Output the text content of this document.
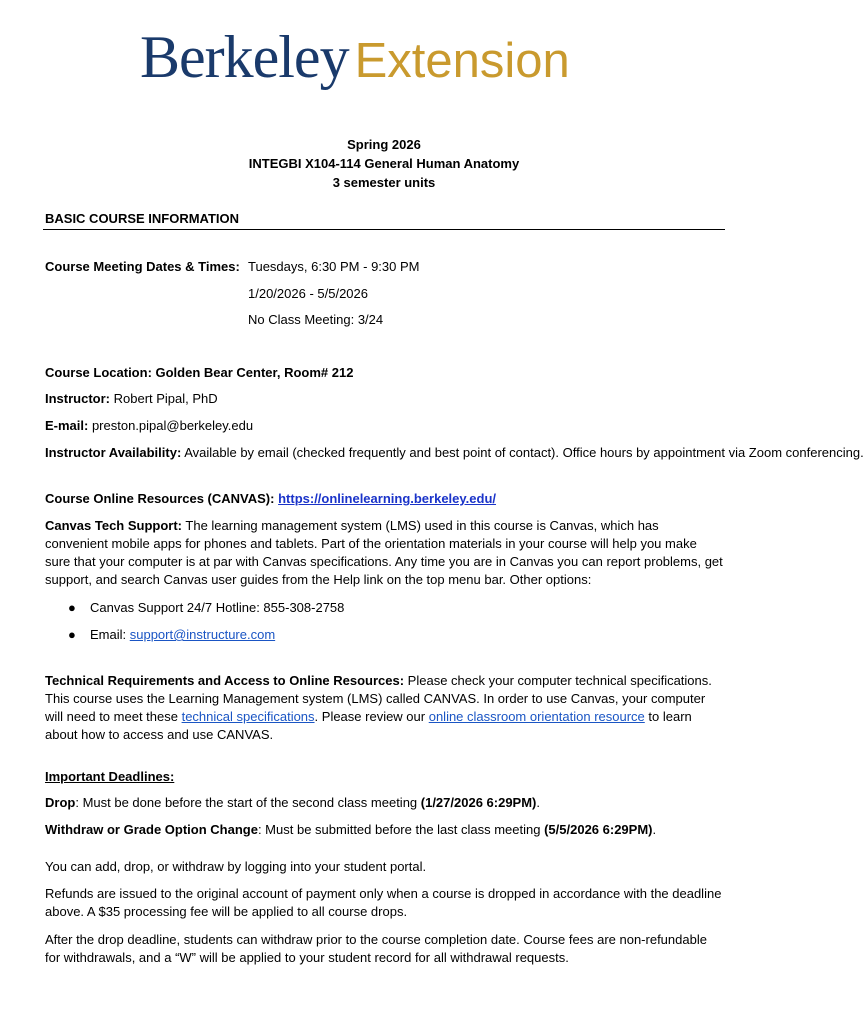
Berkeley Extension
Spring 2026
INTEGBI X104-114 General Human Anatomy
3 semester units
BASIC COURSE INFORMATION
Course Meeting Dates & Times: Tuesdays, 6:30 PM - 9:30 PM
1/20/2026 - 5/5/2026
No Class Meeting: 3/24
Course Location: Golden Bear Center, Room# 212
Instructor: Robert Pipal, PhD
E-mail: preston.pipal@berkeley.edu
Instructor Availability: Available by email (checked frequently and best point of contact). Office hours by appointment via Zoom conferencing.
Course Online Resources (CANVAS): https://onlinelearning.berkeley.edu/
Canvas Tech Support: The learning management system (LMS) used in this course is Canvas, which has convenient mobile apps for phones and tablets. Part of the orientation materials in your course will help you make sure that your computer is at par with Canvas specifications. Any time you are in Canvas you can report problems, get support, and search Canvas user guides from the Help link on the top menu bar. Other options:
● Canvas Support 24/7 Hotline: 855-308-2758
● Email: support@instructure.com
Technical Requirements and Access to Online Resources: Please check your computer technical specifications. This course uses the Learning Management system (LMS) called CANVAS. In order to use Canvas, your computer will need to meet these technical specifications. Please review our online classroom orientation resource to learn about how to access and use CANVAS.
Important Deadlines:
Drop: Must be done before the start of the second class meeting (1/27/2026 6:29PM).
Withdraw or Grade Option Change: Must be submitted before the last class meeting (5/5/2026 6:29PM).
You can add, drop, or withdraw by logging into your student portal.
Refunds are issued to the original account of payment only when a course is dropped in accordance with the deadline above. A $35 processing fee will be applied to all course drops.
After the drop deadline, students can withdraw prior to the course completion date. Course fees are non-refundable for withdrawals, and a “W” will be applied to your student record for all withdrawal requests.
